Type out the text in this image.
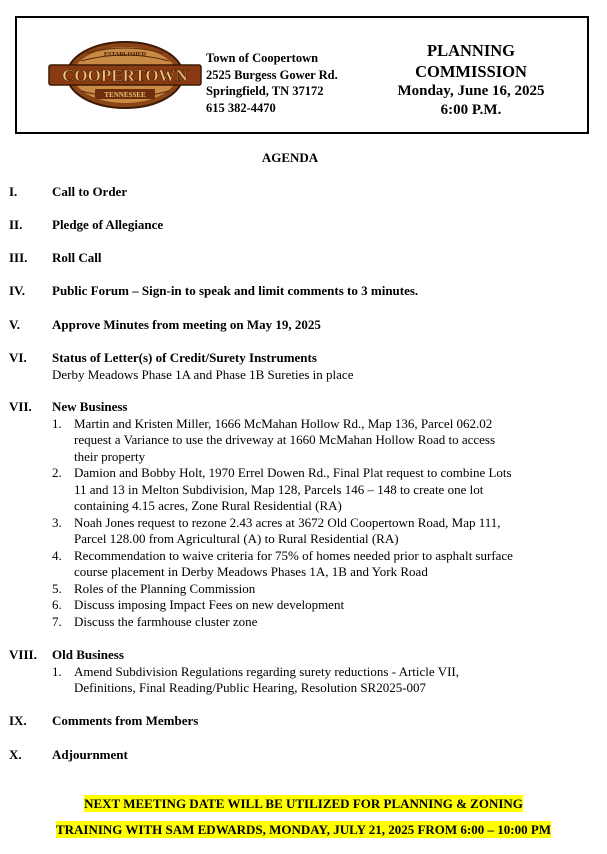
ESTABLISHED
COOPERTOWN
TENNESSEE
Town of Coopertown
2525 Burgess Gower Rd.
Springfield, TN 37172
615 382-4470
PLANNING
COMMISSION
Monday, June 16, 2025
6:00 P.M.
AGENDA
I.	Call to Order
II.	Pledge of Allegiance
III.	Roll Call
IV.	Public Forum – Sign-in to speak and limit comments to 3 minutes.
V.	Approve Minutes from meeting on May 19, 2025
VI.	Status of Letter(s) of Credit/Surety Instruments
Derby Meadows Phase 1A and Phase 1B Sureties in place
VII.	New Business
1. Martin and Kristen Miller, 1666 McMahan Hollow Rd., Map 136, Parcel 062.02
request a Variance to use the driveway at 1660 McMahan Hollow Road to access
their property
2. Damion and Bobby Holt, 1970 Errel Dowen Rd., Final Plat request to combine Lots
11 and 13 in Melton Subdivision, Map 128, Parcels 146 – 148 to create one lot
containing 4.15 acres, Zone Rural Residential (RA)
3. Noah Jones request to rezone 2.43 acres at 3672 Old Coopertown Road, Map 111,
Parcel 128.00 from Agricultural (A) to Rural Residential (RA)
4. Recommendation to waive criteria for 75% of homes needed prior to asphalt surface
course placement in Derby Meadows Phases 1A, 1B and York Road
5. Roles of the Planning Commission
6. Discuss imposing Impact Fees on new development
7. Discuss the farmhouse cluster zone
VIII.	Old Business
1. Amend Subdivision Regulations regarding surety reductions - Article VII,
Definitions, Final Reading/Public Hearing, Resolution SR2025-007
IX.	Comments from Members
X.	Adjournment
NEXT MEETING DATE WILL BE UTILIZED FOR PLANNING & ZONING
TRAINING WITH SAM EDWARDS, MONDAY, JULY 21, 2025 FROM 6:00 – 10:00 PM
